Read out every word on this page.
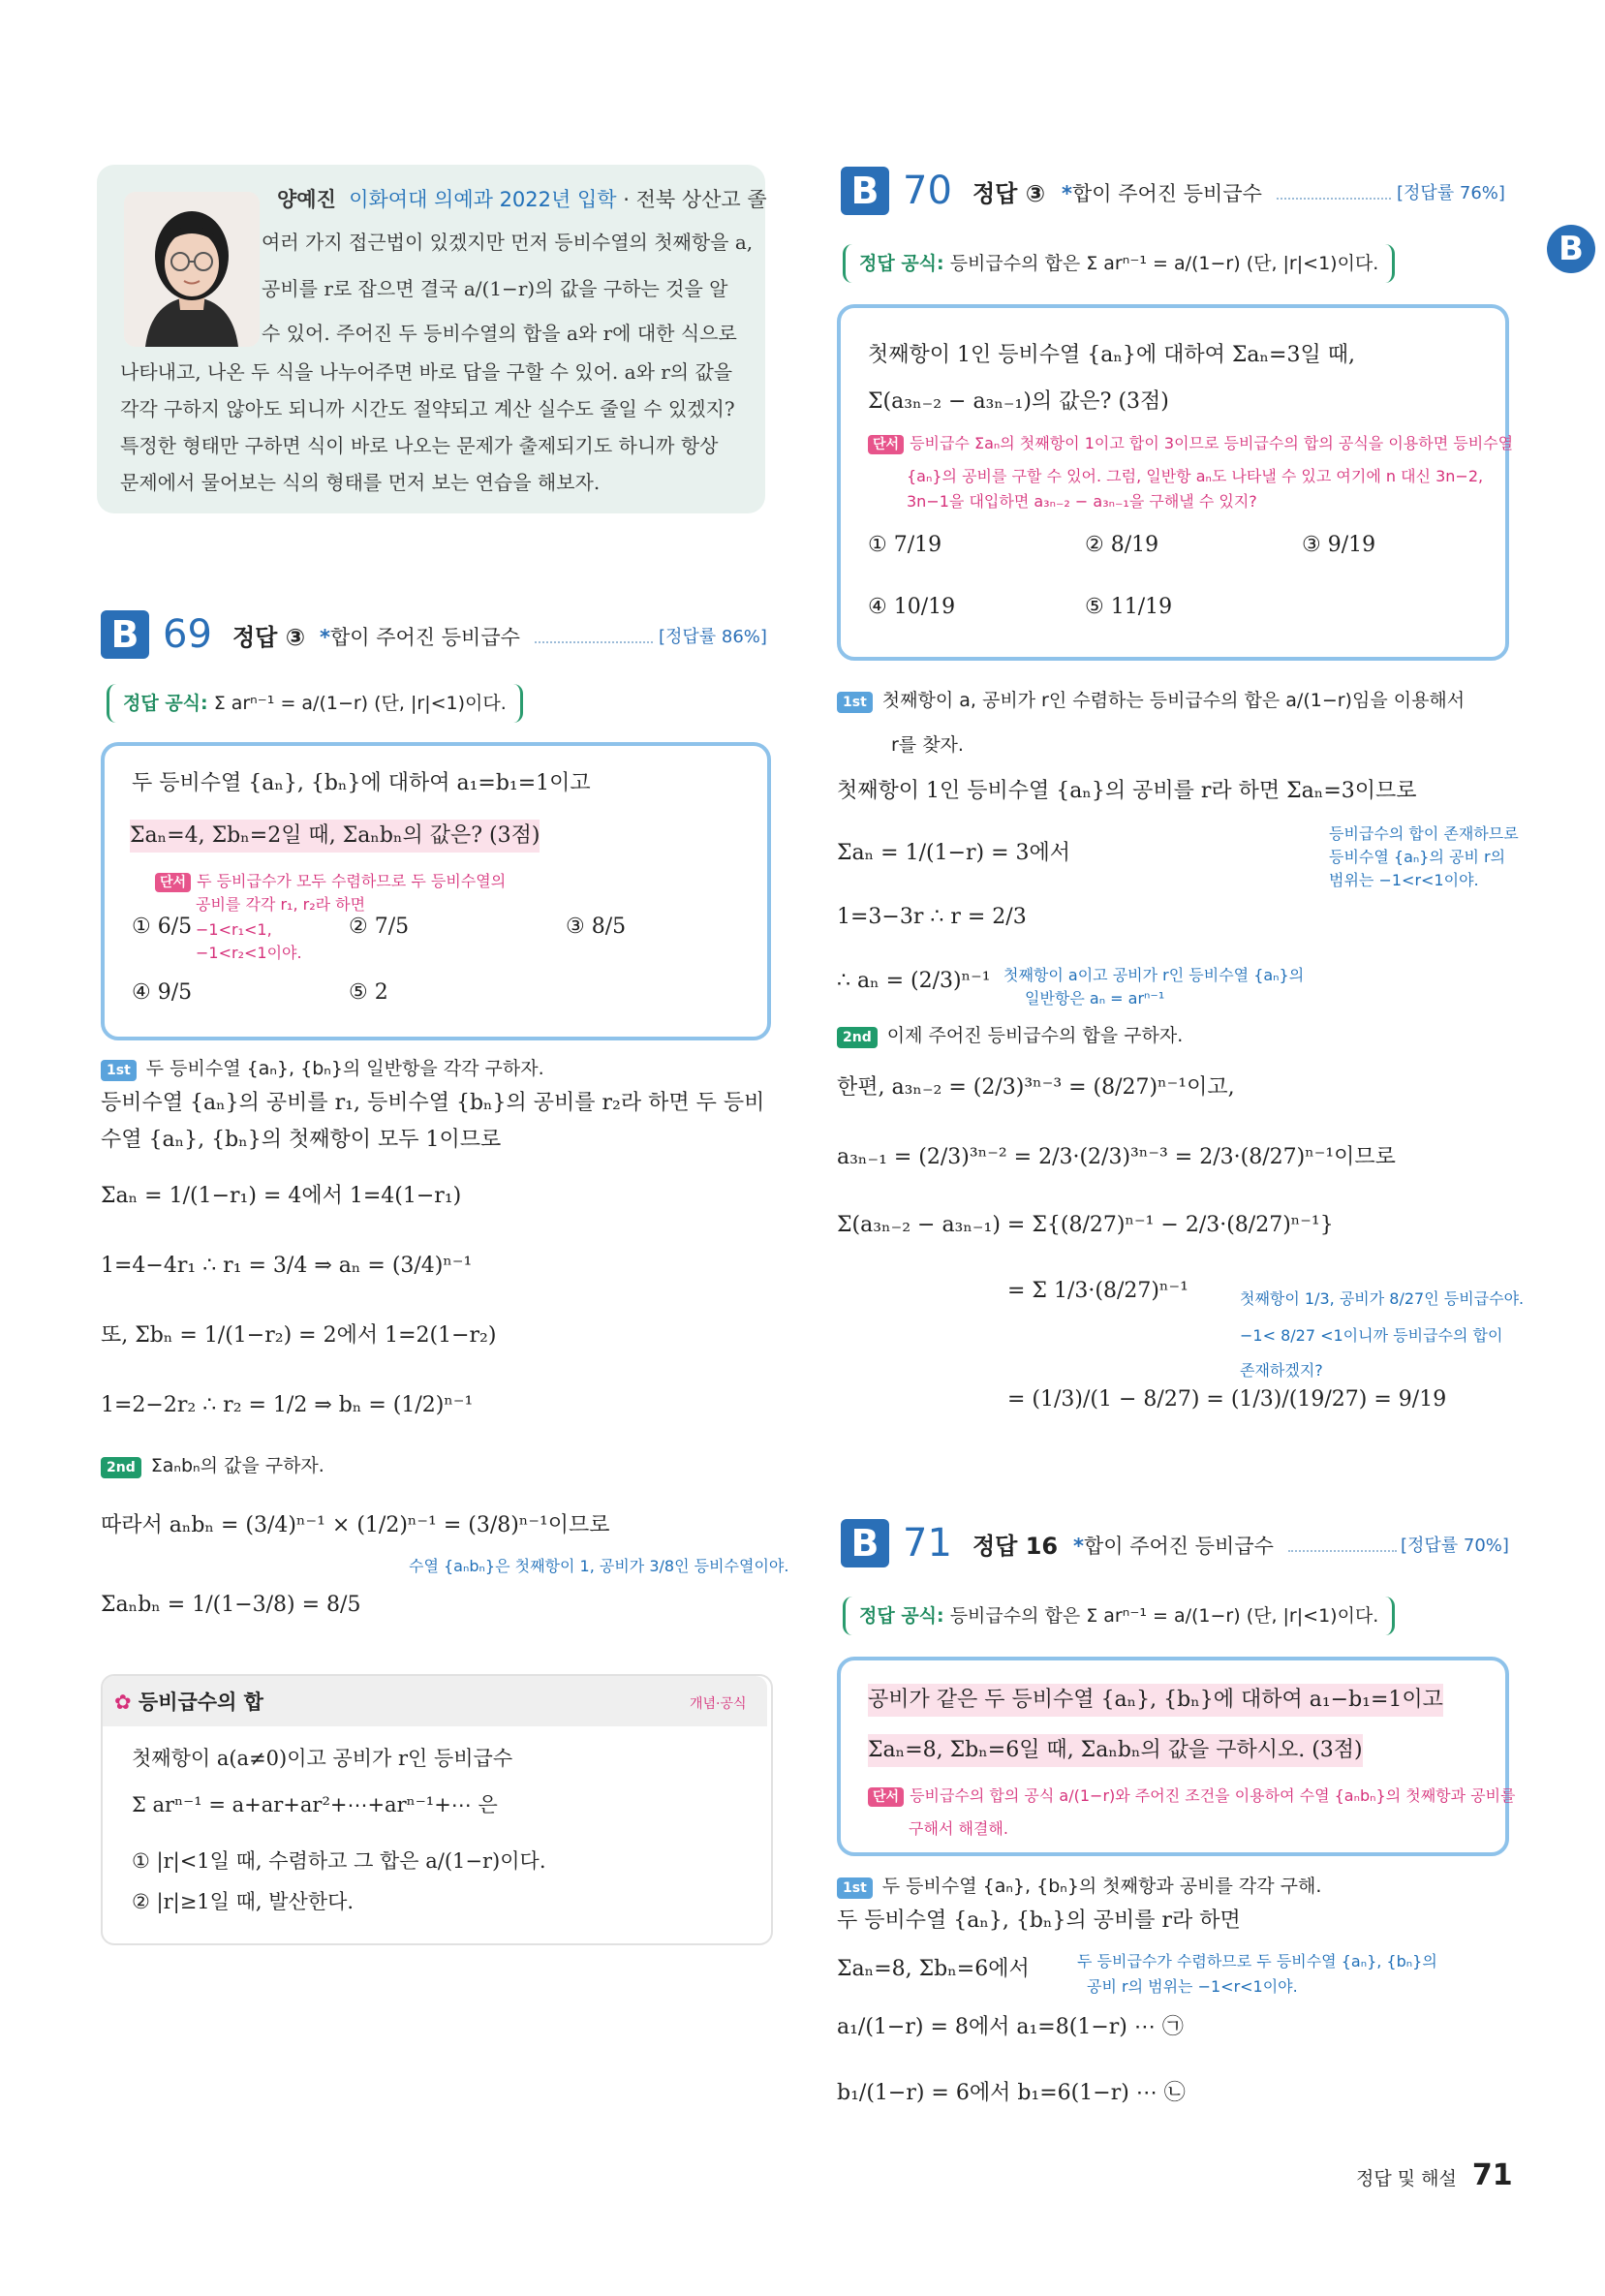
양예진 이화여대 의예과 2022년 입학 · 전북 상산고 졸
여러 가지 접근법이 있겠지만 먼저 등비수열의 첫째항을 a,
공비를 r로 잡으면 결국 a/(1−r)의 값을 구하는 것을 알
수 있어. 주어진 두 등비수열의 합을 a와 r에 대한 식으로
나타내고, 나온 두 식을 나누어주면 바로 답을 구할 수 있어. a와 r의 값을
각각 구하지 않아도 되니까 시간도 절약되고 계산 실수도 줄일 수 있겠지?
특정한 형태만 구하면 식이 바로 나오는 문제가 출제되기도 하니까 항상
문제에서 물어보는 식의 형태를 먼저 보는 연습을 해보자.
B
B 69 정답 ③ *합이 주어진 등비급수	[정답률 86%]
정답 공식: Σ arⁿ⁻¹ = a/(1−r) (단, |r|<1)이다.
두 등비수열 {aₙ}, {bₙ}에 대하여 a₁=b₁=1이고
Σaₙ=4, Σbₙ=2일 때, Σaₙbₙ의 값은? (3점)
단서 두 등비급수가 모두 수렴하므로 두 등비수열의
공비를 각각 r₁, r₂라 하면
−1<r₁<1,
−1<r₂<1이야.
① 6/5	② 7/5	③ 8/5
④ 9/5	⑤ 2
1st 두 등비수열 {aₙ}, {bₙ}의 일반항을 각각 구하자.
등비수열 {aₙ}의 공비를 r₁, 등비수열 {bₙ}의 공비를 r₂라 하면 두 등비
수열 {aₙ}, {bₙ}의 첫째항이 모두 1이므로
Σaₙ = 1/(1−r₁) = 4에서 1=4(1−r₁)
1=4−4r₁ ∴ r₁ = 3/4 ⇒ aₙ = (3/4)ⁿ⁻¹
또, Σbₙ = 1/(1−r₂) = 2에서 1=2(1−r₂)
1=2−2r₂ ∴ r₂ = 1/2 ⇒ bₙ = (1/2)ⁿ⁻¹
2nd Σaₙbₙ의 값을 구하자.
따라서 aₙbₙ = (3/4)ⁿ⁻¹ × (1/2)ⁿ⁻¹ = (3/8)ⁿ⁻¹이므로
수열 {aₙbₙ}은 첫째항이 1, 공비가 3/8인 등비수열이야.
Σaₙbₙ = 1/(1−3/8) = 8/5
✿ 등비급수의 합	개념·공식
첫째항이 a(a≠0)이고 공비가 r인 등비급수
Σ arⁿ⁻¹ = a+ar+ar²+⋯+arⁿ⁻¹+⋯ 은
① |r|<1일 때, 수렴하고 그 합은 a/(1−r)이다.
② |r|≥1일 때, 발산한다.
B 70 정답 ③ *합이 주어진 등비급수	[정답률 76%]
정답 공식: 등비급수의 합은 Σ arⁿ⁻¹ = a/(1−r) (단, |r|<1)이다.
첫째항이 1인 등비수열 {aₙ}에 대하여 Σaₙ=3일 때,
Σ(a₃ₙ₋₂ − a₃ₙ₋₁)의 값은? (3점)
단서 등비급수 Σaₙ의 첫째항이 1이고 합이 3이므로 등비급수의 합의 공식을 이용하면 등비수열
{aₙ}의 공비를 구할 수 있어. 그럼, 일반항 aₙ도 나타낼 수 있고 여기에 n 대신 3n−2,
3n−1을 대입하면 a₃ₙ₋₂ − a₃ₙ₋₁을 구해낼 수 있지?
① 7/19	② 8/19	③ 9/19
④ 10/19	⑤ 11/19
1st 첫째항이 a, 공비가 r인 수렴하는 등비급수의 합은 a/(1−r)임을 이용해서
r를 찾자.
첫째항이 1인 등비수열 {aₙ}의 공비를 r라 하면 Σaₙ=3이므로
등비급수의 합이 존재하므로
등비수열 {aₙ}의 공비 r의
범위는 −1<r<1이야.
Σaₙ = 1/(1−r) = 3에서
1=3−3r ∴ r = 2/3
∴ aₙ = (2/3)ⁿ⁻¹ 첫째항이 a이고 공비가 r인 등비수열 {aₙ}의
일반항은 aₙ = arⁿ⁻¹
2nd 이제 주어진 등비급수의 합을 구하자.
한편, a₃ₙ₋₂ = (2/3)³ⁿ⁻³ = (8/27)ⁿ⁻¹이고,
a₃ₙ₋₁ = (2/3)³ⁿ⁻² = 2/3·(2/3)³ⁿ⁻³ = 2/3·(8/27)ⁿ⁻¹이므로
Σ(a₃ₙ₋₂ − a₃ₙ₋₁) = Σ{(8/27)ⁿ⁻¹ − 2/3·(8/27)ⁿ⁻¹}
= Σ 1/3·(8/27)ⁿ⁻¹	첫째항이 1/3, 공비가 8/27인 등비급수야.
−1< 8/27 <1이니까 등비급수의 합이
존재하겠지?
= (1/3)/(1 − 8/27) = (1/3)/(19/27) = 9/19
B 71 정답 16 *합이 주어진 등비급수	[정답률 70%]
정답 공식: 등비급수의 합은 Σ arⁿ⁻¹ = a/(1−r) (단, |r|<1)이다.
공비가 같은 두 등비수열 {aₙ}, {bₙ}에 대하여 a₁−b₁=1이고
Σaₙ=8, Σbₙ=6일 때, Σaₙbₙ의 값을 구하시오. (3점)
단서 등비급수의 합의 공식 a/(1−r)와 주어진 조건을 이용하여 수열 {aₙbₙ}의 첫째항과 공비를
구해서 해결해.
1st 두 등비수열 {aₙ}, {bₙ}의 첫째항과 공비를 각각 구해.
두 등비수열 {aₙ}, {bₙ}의 공비를 r라 하면
Σaₙ=8, Σbₙ=6에서	두 등비급수가 수렴하므로 두 등비수열 {aₙ}, {bₙ}의
공비 r의 범위는 −1<r<1이야.
a₁/(1−r) = 8에서 a₁=8(1−r) ⋯ ㉠
b₁/(1−r) = 6에서 b₁=6(1−r) ⋯ ㉡
정답 및 해설 71
